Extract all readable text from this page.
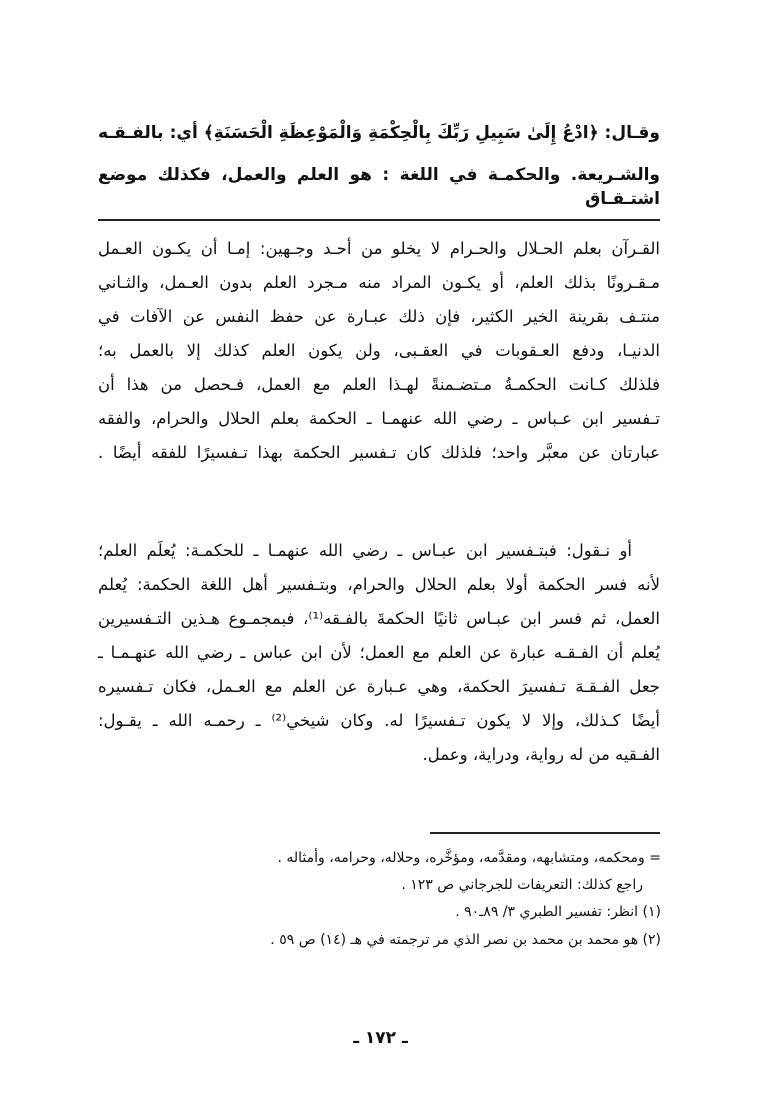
وقـال: ﴿ادْعُ إِلَىٰ سَبِيلِ رَبِّكَ بِالْحِكْمَةِ وَالْمَوْعِظَةِ الْحَسَنَةِ﴾ أي: بالفـقـه
والشـريعة. والحكمـة في اللغة : هو العلم والعمل، فكذلك موضع اشتـقـاق
القـرآن بعلم الحـلال والحـرام لا يخلو من أحـد وجـهين: إمـا أن يكـون العـمل
مـقـرونًا بذلك العلم، أو يكـون المراد منه مـجرد العلم بدون العـمل، والثـاني
منتـف بقرينة الخير الكثير، فإن ذلك عبـارة عن حفظ النفس عن الآفات في
الدنيـا، ودفع العـقوبات في العقـبى، ولن يكون العلم كذلك إلا بالعمل به؛
فلذلك كـانت الحكمـةُ مـتضـمنةً لهـذا العلم مع العمل، فـحصل من هذا أن
تـفسير ابن عـباس ـ رضي الله عنهمـا ـ الحكمة بعلم الحلال والحرام، والفقه
عبارتان عن معبَّر واحد؛ فلذلك كان تـفسير الحكمة بهذا تـفسيرًا للفقه أيضًا .
أو نـقول: فبتـفسير ابن عبـاس ـ رضي الله عنهمـا ـ للحكمـة: يُعلَم العلم؛
لأنه فسر الحكمة أولا بعلم الحلال والحرام، وبتـفسير أهل اللغة الحكمة: يُعلم
العمل، ثم فسر ابن عبـاس ثانيًا الحكمةَ بالفـقه⁽¹⁾، فبمجمـوع هـذين التـفسيرين
يُعلم أن الفـقـه عبارة عن العلم مع العمل؛ لأن ابن عباس ـ رضي الله عنهـمـا ـ
جعل الفـقـهَ تـفسيرَ الحكمة، وهي عـبارة عن العلم مع العـمل، فكان تـفسيره
أيضًا كـذلك، وإلا لا يكون تـفسيرًا له. وكان شيخي⁽²⁾ ـ رحمـه الله ـ يقـول:
الفـقيه من له رواية، ودراية، وعمل.
= ومحكمه، ومتشابهه، ومقدَّمه، ومؤخَّره، وحلاله، وحرامه، وأمثاله .
راجع كذلك: التعريفات للجرجاني ص ١٢٣ .
(١) انظر: تفسير الطبري ٣/ ٨٩ـ٩٠ .
(٢) هو محمد بن محمد بن نصر الذي مر ترجمته في هـ (١٤) ص ٥٩ .
ـ ١٧٢ ـ
